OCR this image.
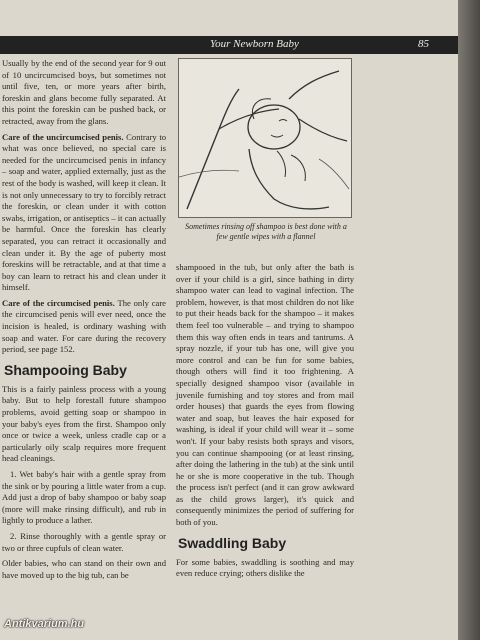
Your Newborn Baby	85

Usually by the end of the second year for 9 out of 10 uncircumcised boys, but sometimes not until five, ten, or more years after birth, foreskin and glans become fully separated. At this point the foreskin can be pushed back, or retracted, away from the glans.

Care of the uncircumcised penis. Contrary to what was once believed, no special care is needed for the uncircumcised penis in infancy – soap and water, applied externally, just as the rest of the body is washed, will keep it clean. It is not only unnecessary to try to forcibly retract the foreskin, or clean under it with cotton swabs, irrigation, or antiseptics – it can actually be harmful. Once the foreskin has clearly separated, you can retract it occasionally and clean under it. By the age of puberty most foreskins will be retractable, and at that time a boy can learn to retract his and clean under it himself.

Care of the circumcised penis. The only care the circumcised penis will ever need, once the incision is healed, is ordinary washing with soap and water. For care during the recovery period, see page 152.

Shampooing Baby

This is a fairly painless process with a young baby. But to help forestall future shampoo problems, avoid getting soap or shampoo in your baby's eyes from the first. Shampoo only once or twice a week, unless cradle cap or a particularly oily scalp requires more frequent head cleanings.

1. Wet baby's hair with a gentle spray from the sink or by pouring a little water from a cup. Add just a drop of baby shampoo or baby soap (more will make rinsing difficult), and rub in lightly to produce a lather.

2. Rinse thoroughly with a gentle spray or two or three cupfuls of clean water.

Older babies, who can stand on their own and have moved up to the big tub, can be

Sometimes rinsing off shampoo is best done with a few gentle wipes with a flannel

shampooed in the tub, but only after the bath is over if your child is a girl, since bathing in dirty shampoo water can lead to vaginal infection. The problem, however, is that most children do not like to put their heads back for the shampoo – it makes them feel too vulnerable – and trying to shampoo them this way often ends in tears and tantrums. A spray nozzle, if your tub has one, will give you more control and can be fun for some babies, though others will find it too frightening. A specially designed shampoo visor (available in juvenile furnishing and toy stores and from mail order houses) that guards the eyes from flowing water and soap, but leaves the hair exposed for washing, is ideal if your child will wear it – some won't. If your baby resists both sprays and visors, you can continue shampooing (or at least rinsing, after doing the lathering in the tub) at the sink until he or she is more cooperative in the tub. Though the process isn't perfect (and it can grow awkward as the child grows larger), it's quick and consequently minimizes the period of suffering for both of you.

Swaddling Baby

For some babies, swaddling is soothing and may even reduce crying; others dislike the

Antikvarium.hu
